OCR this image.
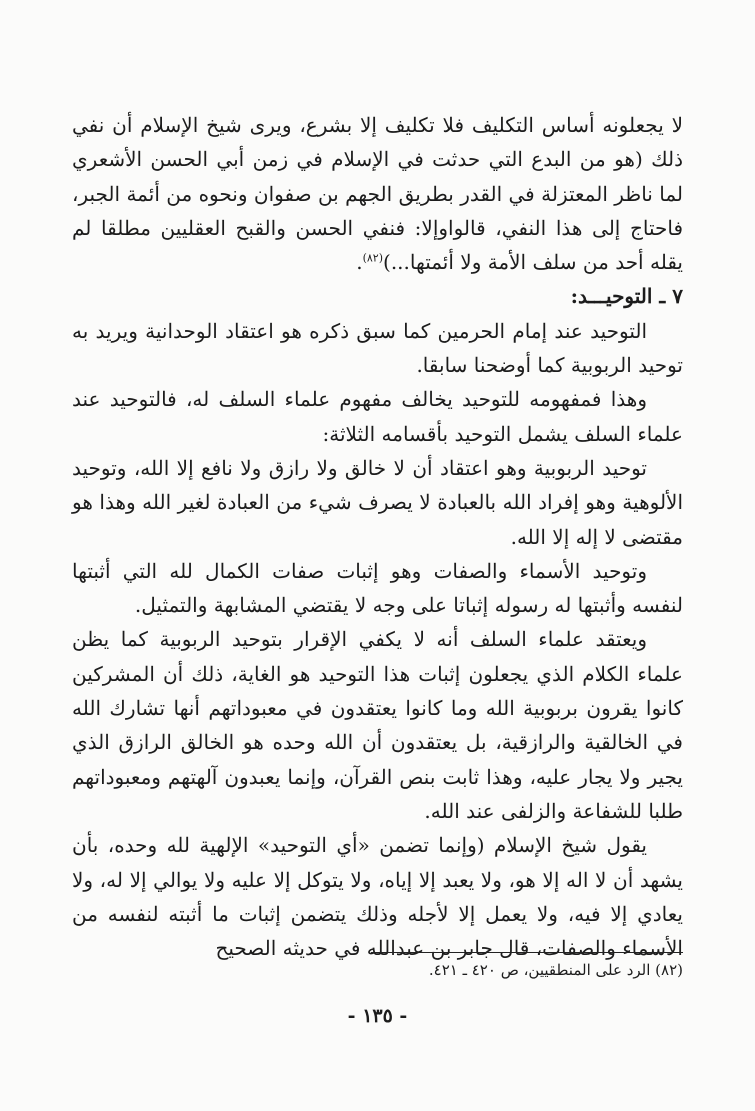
لا يجعلونه أساس التكليف فلا تكليف إلا بشرع، ويرى شيخ الإسلام أن نفي ذلك (هو من البدع التي حدثت في الإسلام في زمن أبي الحسن الأشعري لما ناظر المعتزلة في القدر بطريق الجهم بن صفوان ونحوه من أئمة الجبر، فاحتاج إلى هذا النفي، قالواوإلا: فنفي الحسن والقبح العقليين مطلقا لم يقله أحد من سلف الأمة ولا أئمتها...)$^{(٨٢)}$.

٧ ـ التوحيـــد:

التوحيد عند إمام الحرمين كما سبق ذكره هو اعتقاد الوحدانية ويريد به توحيد الربوبية كما أوضحنا سابقا.

وهذا فمفهومه للتوحيد يخالف مفهوم علماء السلف له، فالتوحيد عند علماء السلف يشمل التوحيد بأقسامه الثلاثة:

توحيد الربوبية وهو اعتقاد أن لا خالق ولا رازق ولا نافع إلا الله، وتوحيد الألوهية وهو إفراد الله بالعبادة لا يصرف شيء من العبادة لغير الله وهذا هو مقتضى لا إله إلا الله.

وتوحيد الأسماء والصفات وهو إثبات صفات الكمال لله التي أثبتها لنفسه وأثبتها له رسوله إثباتا على وجه لا يقتضي المشابهة والتمثيل.

ويعتقد علماء السلف أنه لا يكفي الإقرار بتوحيد الربوبية كما يظن علماء الكلام الذي يجعلون إثبات هذا التوحيد هو الغاية، ذلك أن المشركين كانوا يقرون بربوبية الله وما كانوا يعتقدون في معبوداتهم أنها تشارك الله في الخالقية والرازقية، بل يعتقدون أن الله وحده هو الخالق الرازق الذي يجير ولا يجار عليه، وهذا ثابت بنص القرآن، وإنما يعبدون آلهتهم ومعبوداتهم طلبا للشفاعة والزلفى عند الله.

يقول شيخ الإسلام (وإنما تضمن «أي التوحيد» الإلهية لله وحده، بأن يشهد أن لا اله إلا هو، ولا يعبد إلا إياه، ولا يتوكل إلا عليه ولا يوالي إلا له، ولا يعادي إلا فيه، ولا يعمل إلا لأجله وذلك يتضمن إثبات ما أثبته لنفسه من الأسماء والصفات، قال جابر بن عبدالله في حديثه الصحيح

(٨٢) الرد على المنطقيين، ص ٤٢٠ ـ ٤٢١.
- ١٣٥ -
